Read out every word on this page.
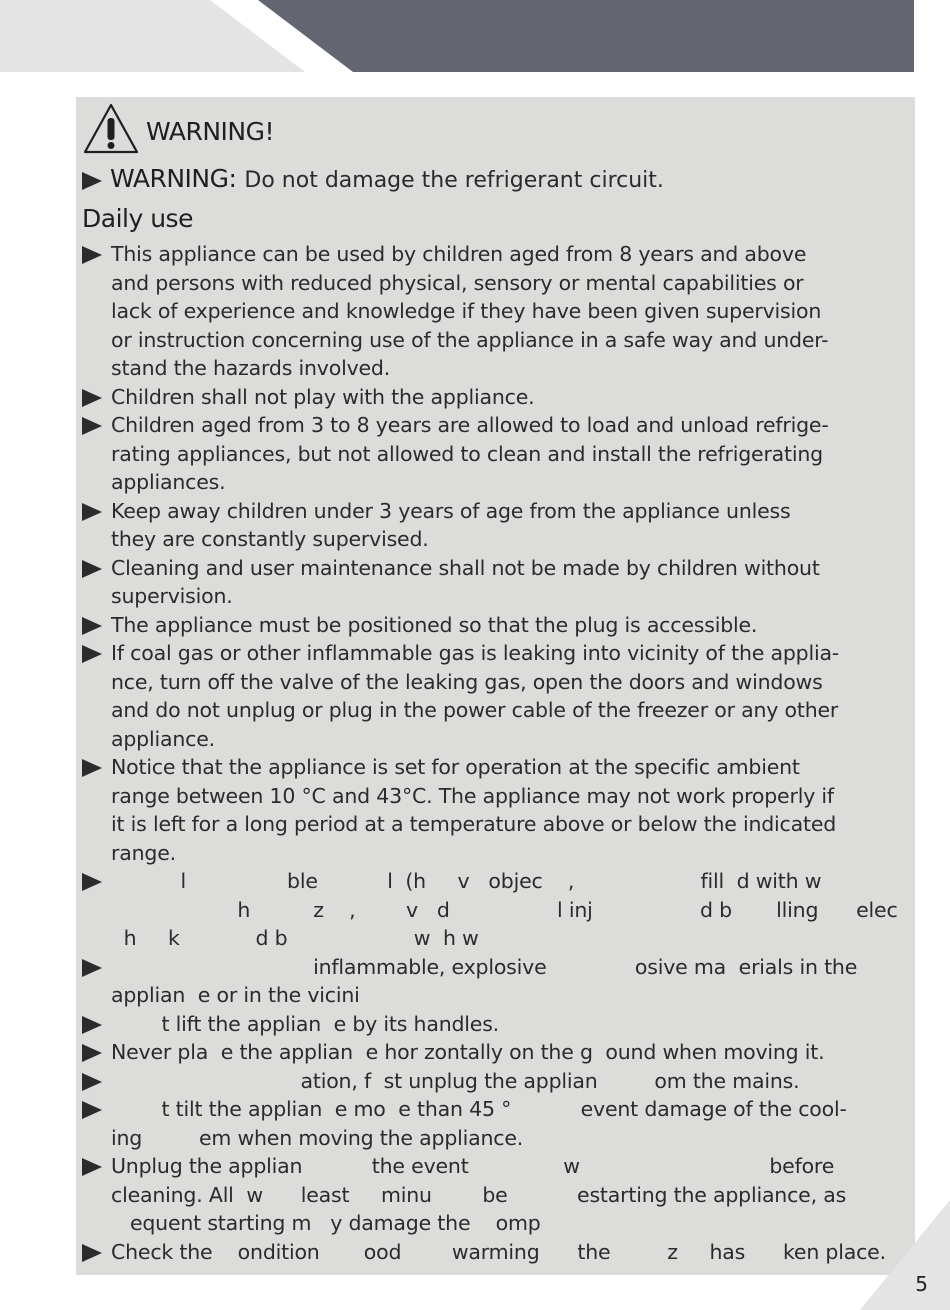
WARNING!
WARNING: Do not damage the refrigerant circuit.
Daily use
This appliance can be used by children aged from 8 years and above
and persons with reduced physical, sensory or mental capabilities or
lack of experience and knowledge if they have been given supervision
or instruction concerning use of the appliance in a safe way and under-
stand the hazards involved.
Children shall not play with the appliance.
Children aged from 3 to 8 years are allowed to load and unload refrige-
rating appliances, but not allowed to clean and install the refrigerating
appliances.
Keep away children under 3 years of age from the appliance unless
they are constantly supervised.
Cleaning and user maintenance shall not be made by children without
supervision.
The appliance must be positioned so that the plug is accessible.
If coal gas or other inflammable gas is leaking into vicinity of the applia-
nce, turn off the valve of the leaking gas, open the doors and windows
and do not unplug or plug in the power cable of the freezer or any other
appliance.
Notice that the appliance is set for operation at the specific ambient
range between 10 °C and 43°C. The appliance may not work properly if
it is left for a long period at a temperature above or below the indicated
range.
l                ble           l  (h     v   objec    ,                    fill  d with w
h          z    ,        v   d                 l inj                 d b       lling      elec
h     k            d b                    w  h w
inflammable, explosive              osive ma  erials in the
applian  e or in the vicini
t lift the applian  e by its handles.
Never pla  e the applian  e hor zontally on the g  ound when moving it.
ation, f  st unplug the applian         om the mains.
t tilt the applian  e mo  e than 45 °           event damage of the cool-
ing         em when moving the appliance.
Unplug the applian           the event               w                              before
cleaning. All  w      least     minu        be           estarting the appliance, as
equent starting m   y damage the    omp
Check the    ondition       ood        warming      the         z     has      ken place.
5
